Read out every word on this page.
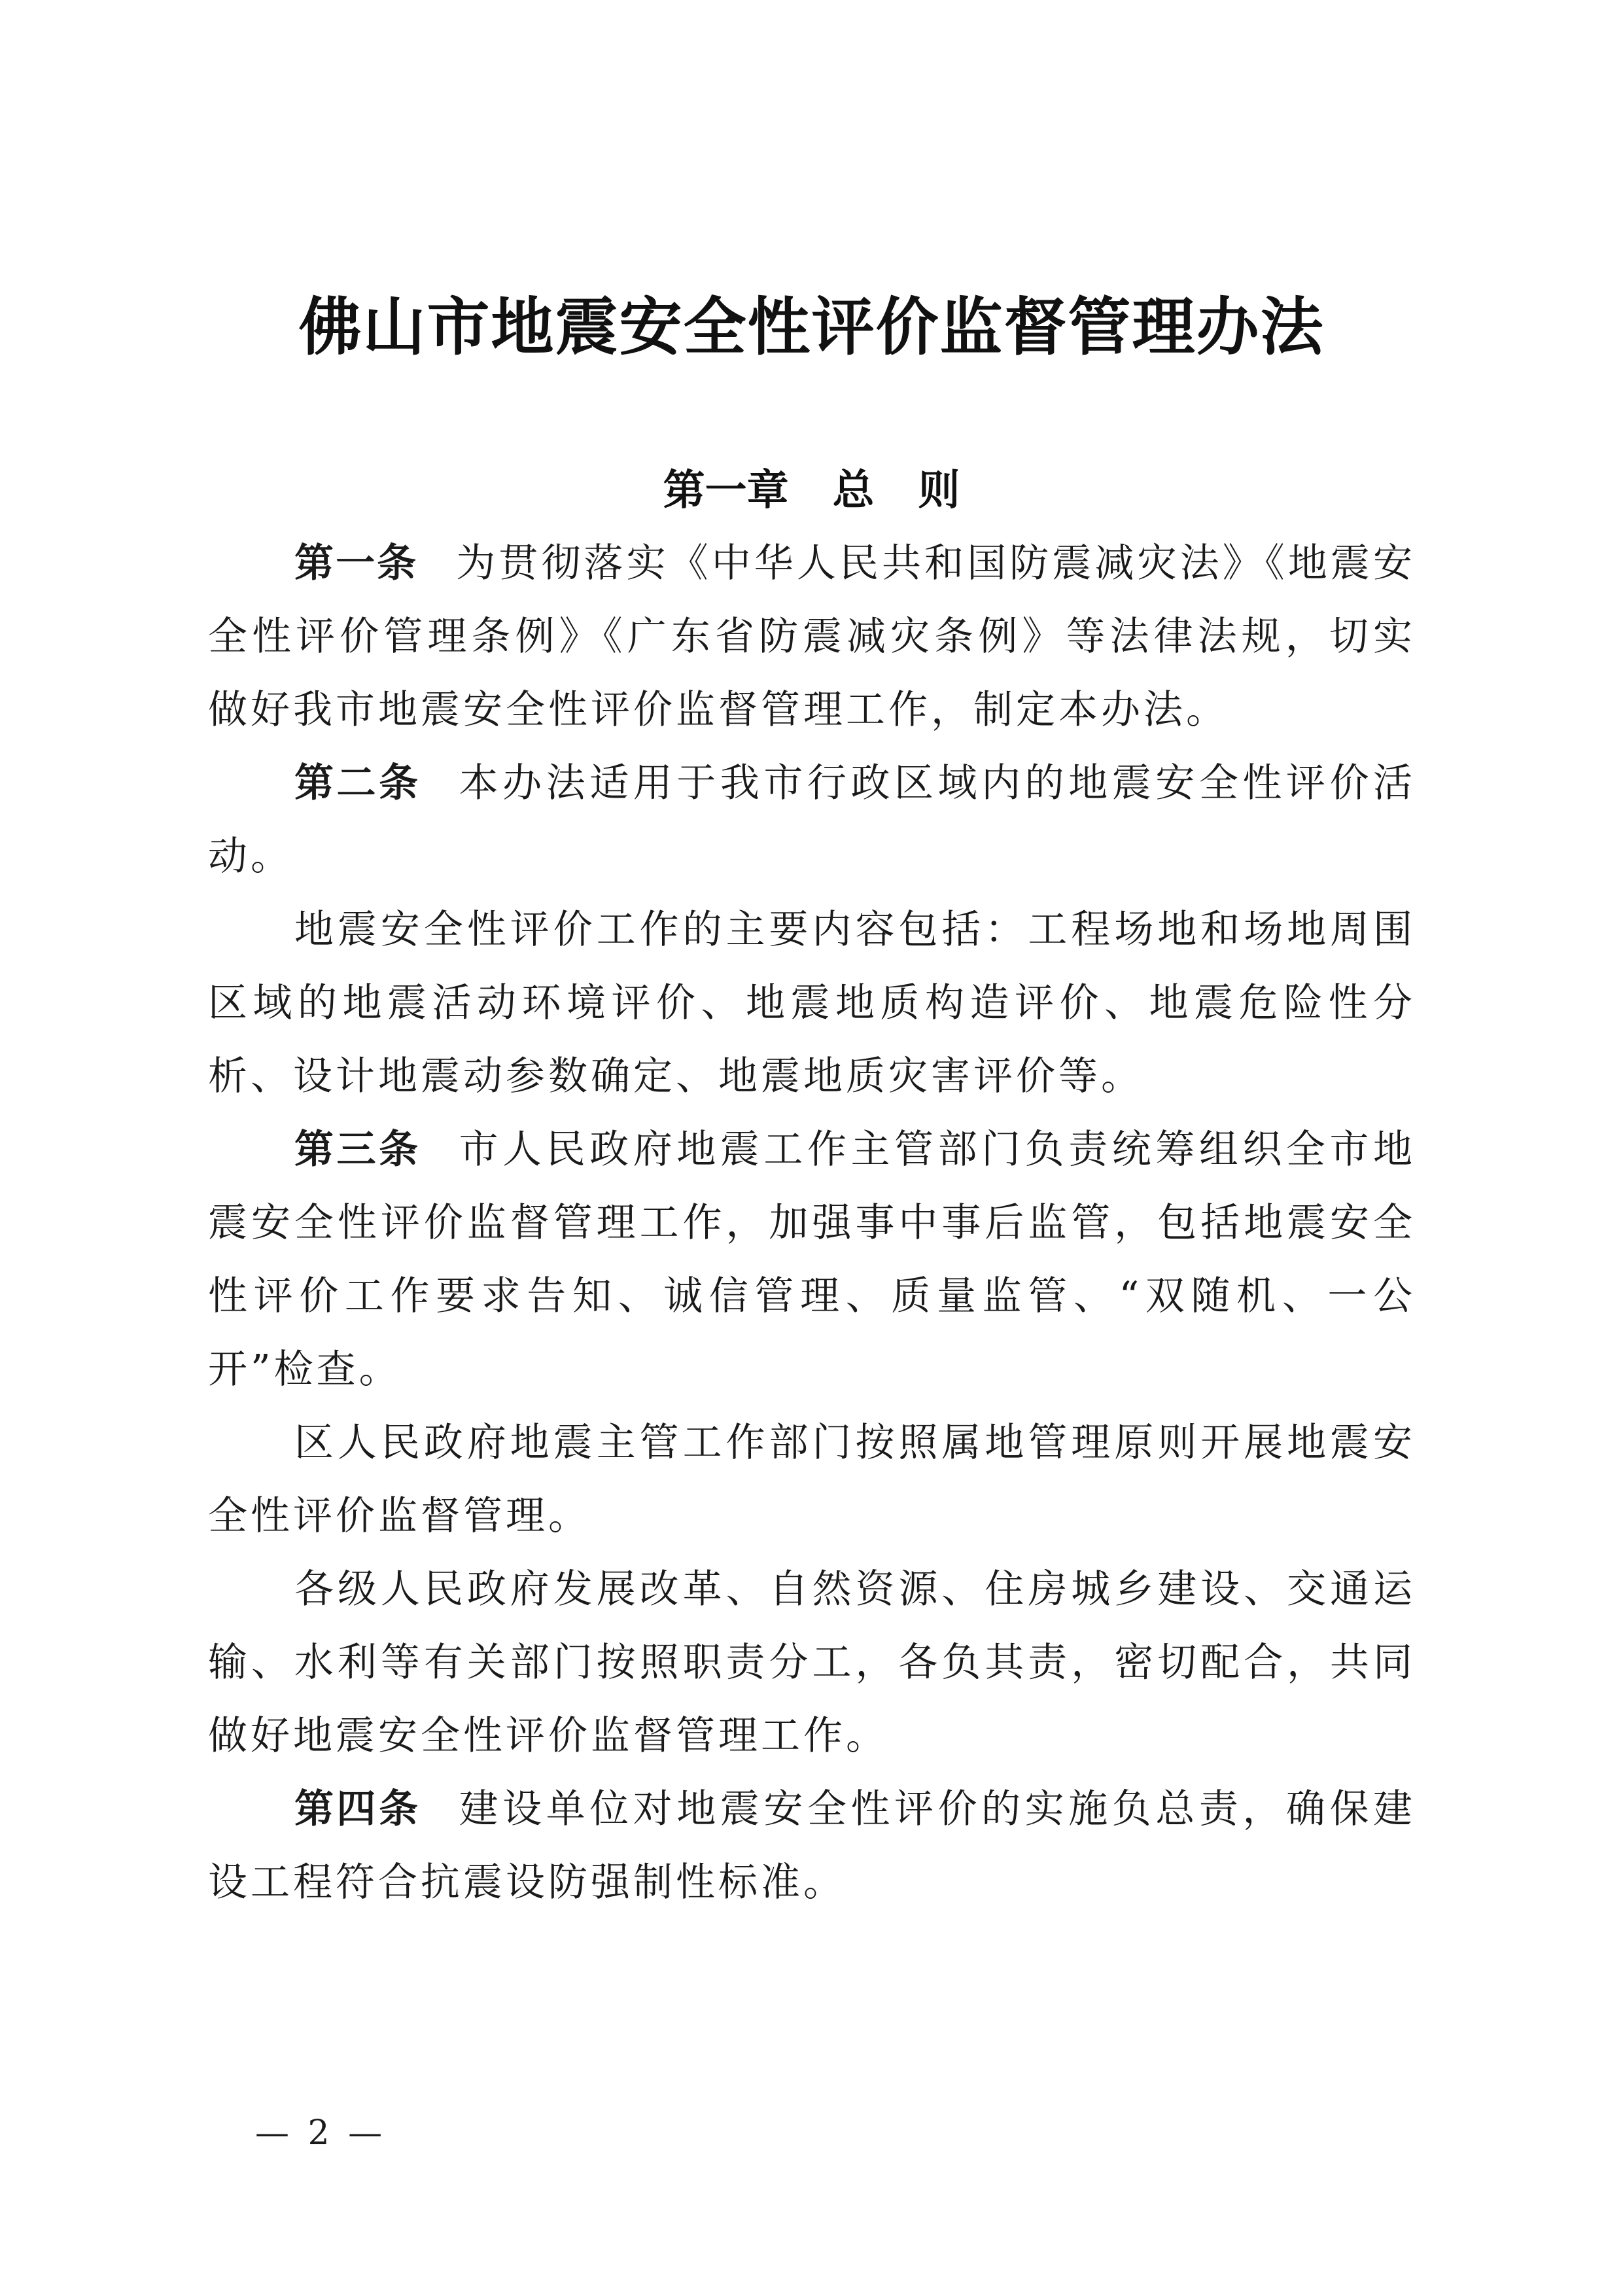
佛山市地震安全性评价监督管理办法
第一章   总   则

第一条 为贯彻落实《中华人民共和国防震减灾法》《地震安全性评价管理条例》《广东省防震减灾条例》等法律法规，切实做好我市地震安全性评价监督管理工作，制定本办法。

第二条 本办法适用于我市行政区域内的地震安全性评价活动。

地震安全性评价工作的主要内容包括：工程场地和场地周围区域的地震活动环境评价、地震地质构造评价、地震危险性分析、设计地震动参数确定、地震地质灾害评价等。

第三条 市人民政府地震工作主管部门负责统筹组织全市地震安全性评价监督管理工作，加强事中事后监管，包括地震安全性评价工作要求告知、诚信管理、质量监管、“双随机、一公开”检查。

区人民政府地震主管工作部门按照属地管理原则开展地震安全性评价监督管理。

各级人民政府发展改革、自然资源、住房城乡建设、交通运输、水利等有关部门按照职责分工，各负其责，密切配合，共同做好地震安全性评价监督管理工作。

第四条 建设单位对地震安全性评价的实施负总责，确保建设工程符合抗震设防强制性标准。

— 2 —
